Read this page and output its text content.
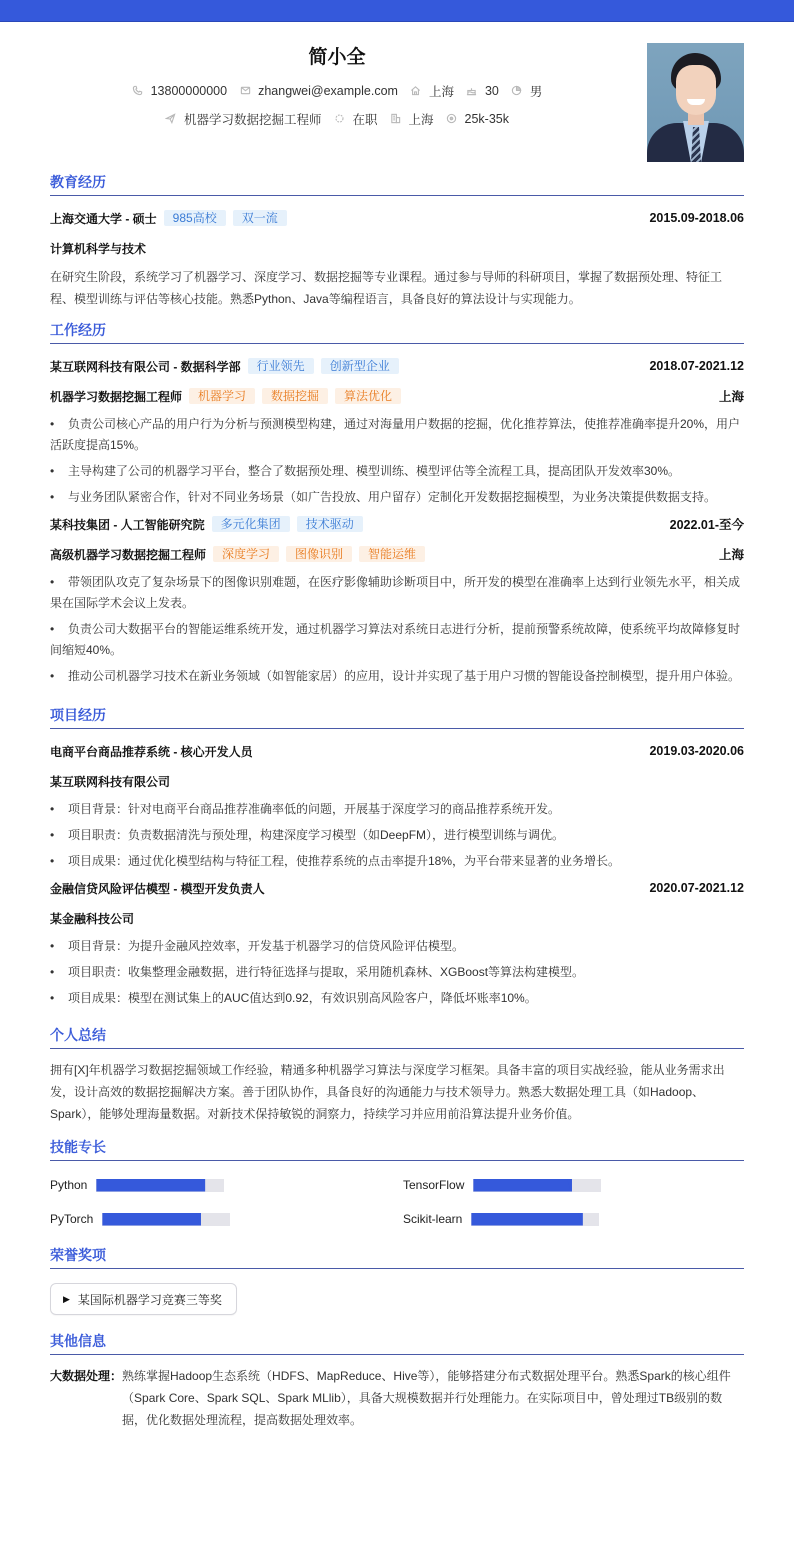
简小全
13800000000 zhangwei@example.com 上海 30 男
机器学习数据挖掘工程师 在职 上海 25k-35k
教育经历
上海交通大学 - 硕士	985高校	双一流	2015.09-2018.06
计算机科学与技术
在研究生阶段，系统学习了机器学习、深度学习、数据挖掘等专业课程。通过参与导师的科研项目，掌握了数据预处理、特征工程、模型训练与评估等核心技能。熟悉Python、Java等编程语言，具备良好的算法设计与实现能力。
工作经历
某互联网科技有限公司 - 数据科学部	行业领先	创新型企业	2018.07-2021.12
机器学习数据挖掘工程师	机器学习	数据挖掘	算法优化	上海
• 负责公司核心产品的用户行为分析与预测模型构建，通过对海量用户数据的挖掘，优化推荐算法，使推荐准确率提升20%，用户活跃度提高15%。
• 主导构建了公司的机器学习平台，整合了数据预处理、模型训练、模型评估等全流程工具，提高团队开发效率30%。
• 与业务团队紧密合作，针对不同业务场景（如广告投放、用户留存）定制化开发数据挖掘模型，为业务决策提供数据支持。
某科技集团 - 人工智能研究院	多元化集团	技术驱动	2022.01-至今
高级机器学习数据挖掘工程师	深度学习	图像识别	智能运维	上海
• 带领团队攻克了复杂场景下的图像识别难题，在医疗影像辅助诊断项目中，所开发的模型在准确率上达到行业领先水平，相关成果在国际学术会议上发表。
• 负责公司大数据平台的智能运维系统开发，通过机器学习算法对系统日志进行分析，提前预警系统故障，使系统平均故障修复时间缩短40%。
• 推动公司机器学习技术在新业务领域（如智能家居）的应用，设计并实现了基于用户习惯的智能设备控制模型，提升用户体验。
项目经历
电商平台商品推荐系统 - 核心开发人员	2019.03-2020.06
某互联网科技有限公司
• 项目背景：针对电商平台商品推荐准确率低的问题，开展基于深度学习的商品推荐系统开发。
• 项目职责：负责数据清洗与预处理，构建深度学习模型（如DeepFM），进行模型训练与调优。
• 项目成果：通过优化模型结构与特征工程，使推荐系统的点击率提升18%，为平台带来显著的业务增长。
金融信贷风险评估模型 - 模型开发负责人	2020.07-2021.12
某金融科技公司
• 项目背景：为提升金融风控效率，开发基于机器学习的信贷风险评估模型。
• 项目职责：收集整理金融数据，进行特征选择与提取，采用随机森林、XGBoost等算法构建模型。
• 项目成果：模型在测试集上的AUC值达到0.92，有效识别高风险客户，降低坏账率10%。
个人总结
拥有[X]年机器学习数据挖掘领域工作经验，精通多种机器学习算法与深度学习框架。具备丰富的项目实战经验，能从业务需求出发，设计高效的数据挖掘解决方案。善于团队协作，具备良好的沟通能力与技术领导力。熟悉大数据处理工具（如Hadoop、Spark），能够处理海量数据。对新技术保持敏锐的洞察力，持续学习并应用前沿算法提升业务价值。
技能专长
Python	TensorFlow
PyTorch	Scikit-learn
荣誉奖项
▶ 某国际机器学习竞赛三等奖
其他信息
大数据处理： 熟练掌握Hadoop生态系统（HDFS、MapReduce、Hive等），能够搭建分布式数据处理平台。熟悉Spark的核心组件（Spark Core、Spark SQL、Spark MLlib），具备大规模数据并行处理能力。在实际项目中，曾处理过TB级别的数据，优化数据处理流程，提高数据处理效率。
